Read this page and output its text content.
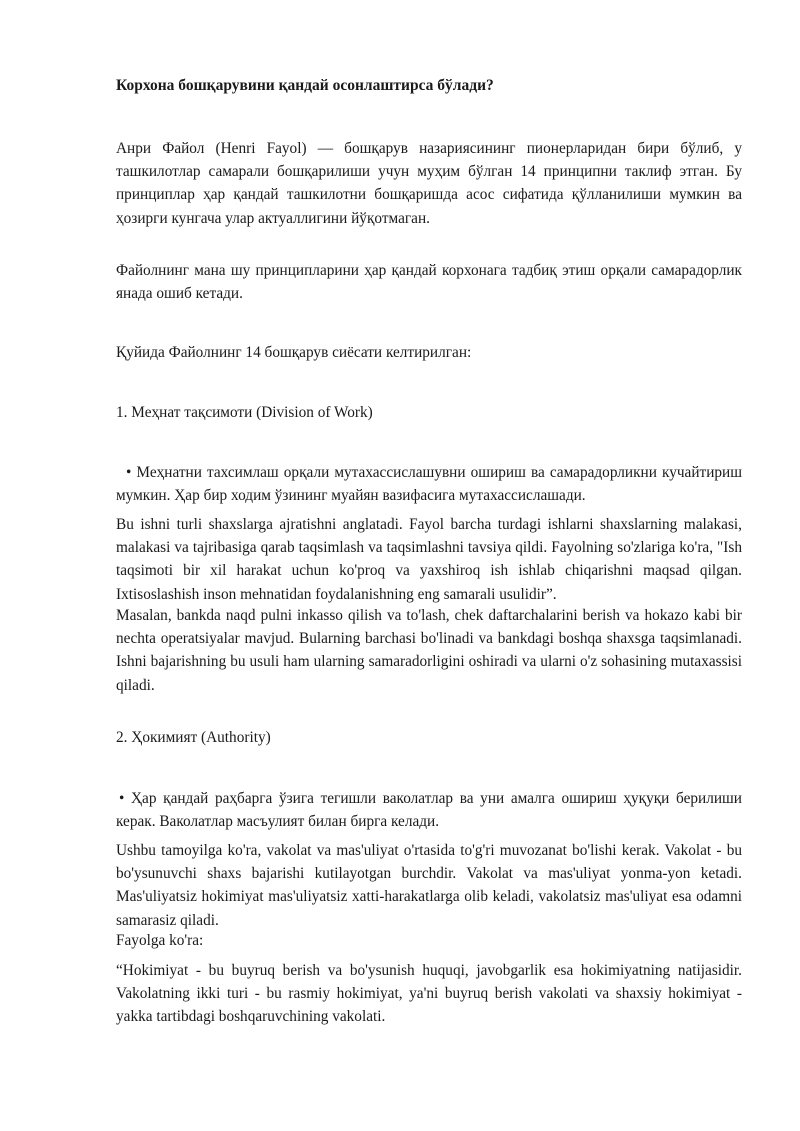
Корхона бошқарувини қандай осонлаштирса бўлади?

Анри Файол (Henri Fayol) — бошқарув назариясининг пионерларидан бири бўлиб, у ташкилотлар самарали бошқарилиши учун муҳим бўлган 14 принципни таклиф этган. Бу принциплар ҳар қандай ташкилотни бошқаришда асос сифатида қўлланилиши мумкин ва ҳозирги кунгача улар актуаллигини йўқотмаган.

Файолнинг мана шу принципларини ҳар қандай корхонага тадбиқ этиш орқали самарадорлик янада ошиб кетади.

Қуйида Файолнинг 14 бошқарув сиёсати келтирилган:

1. Меҳнат тақсимоти (Division of Work)

• Меҳнатни тахсимлаш орқали мутахассислашувни ошириш ва самарадорликни кучайтириш мумкин. Ҳар бир ходим ўзининг муайян вазифасига мутахассислашади.

Bu ishni turli shaxslarga ajratishni anglatadi. Fayol barcha turdagi ishlarni shaxslarning malakasi, malakasi va tajribasiga qarab taqsimlash va taqsimlashni tavsiya qildi. Fayolning so'zlariga ko'ra, "Ish taqsimoti bir xil harakat uchun ko'proq va yaxshiroq ish ishlab chiqarishni maqsad qilgan. Ixtisoslashish inson mehnatidan foydalanishning eng samarali usulidir”.

Masalan, bankda naqd pulni inkasso qilish va to'lash, chek daftarchalarini berish va hokazo kabi bir nechta operatsiyalar mavjud. Bularning barchasi bo'linadi va bankdagi boshqa shaxsga taqsimlanadi. Ishni bajarishning bu usuli ham ularning samaradorligini oshiradi va ularni o'z sohasining mutaxassisi qiladi.

2. Ҳокимият (Authority)

• Ҳар қандай раҳбарга ўзига тегишли ваколатлар ва уни амалга ошириш ҳуқуқи берилиши керак. Ваколатлар масъулият билан бирга келади.

Ushbu tamoyilga ko'ra, vakolat va mas'uliyat o'rtasida to'g'ri muvozanat bo'lishi kerak. Vakolat - bu bo'ysunuvchi shaxs bajarishi kutilayotgan burchdir. Vakolat va mas'uliyat yonma-yon ketadi. Mas'uliyatsiz hokimiyat mas'uliyatsiz xatti-harakatlarga olib keladi, vakolatsiz mas'uliyat esa odamni samarasiz qiladi.

Fayolga ko'ra:

“Hokimiyat - bu buyruq berish va bo'ysunish huquqi, javobgarlik esa hokimiyatning natijasidir. Vakolatning ikki turi - bu rasmiy hokimiyat, ya'ni buyruq berish vakolati va shaxsiy hokimiyat - yakka tartibdagi boshqaruvchining vakolati.
